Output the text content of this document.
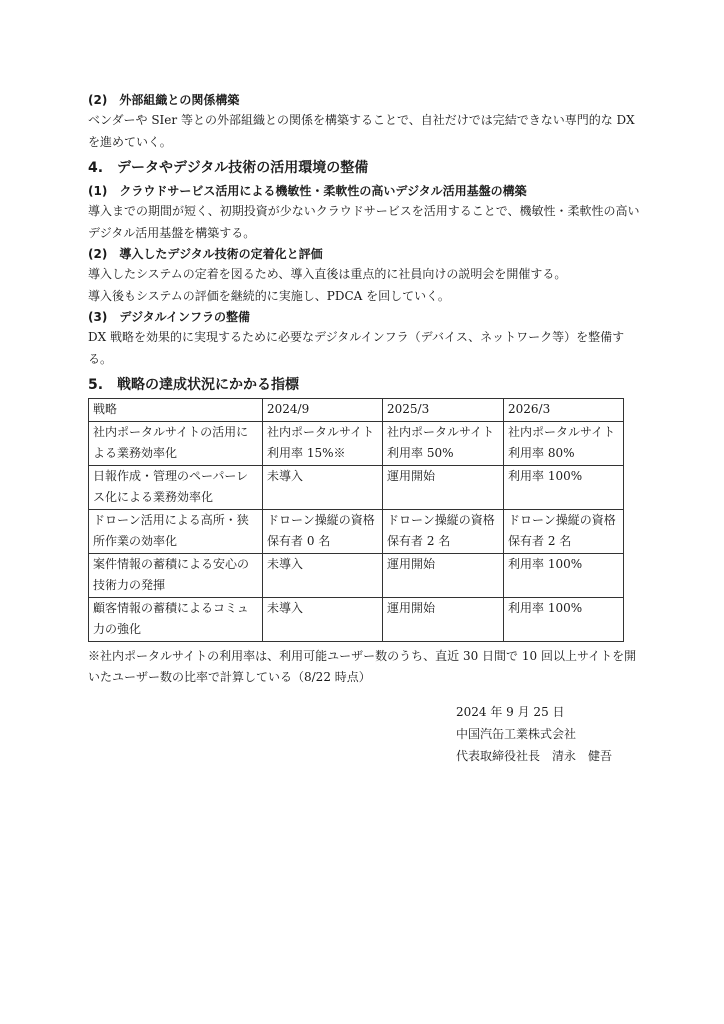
(2)　外部組織との関係構築

ベンダーや SIer 等との外部組織との関係を構築することで、自社だけでは完結できない専門的な DX を進めていく。

4.　データやデジタル技術の活用環境の整備

(1)　クラウドサービス活用による機敏性・柔軟性の高いデジタル活用基盤の構築

導入までの期間が短く、初期投資が少ないクラウドサービスを活用することで、機敏性・柔軟性の高いデジタル活用基盤を構築する。

(2)　導入したデジタル技術の定着化と評価

導入したシステムの定着を図るため、導入直後は重点的に社員向けの説明会を開催する。

導入後もシステムの評価を継続的に実施し、PDCA を回していく。

(3)　デジタルインフラの整備

DX 戦略を効果的に実現するために必要なデジタルインフラ（デバイス、ネットワーク等）を整備する。

5.　戦略の達成状況にかかる指標

戦略	2024/9	2025/3	2026/3
社内ポータルサイトの活用による業務効率化	社内ポータルサイト利用率 15%※	社内ポータルサイト利用率 50%	社内ポータルサイト利用率 80%
日報作成・管理のペーパーレス化による業務効率化	未導入	運用開始	利用率 100%
ドローン活用による高所・狭所作業の効率化	ドローン操縦の資格保有者 0 名	ドローン操縦の資格保有者 2 名	ドローン操縦の資格保有者 2 名
案件情報の蓄積による安心の技術力の発揮	未導入	運用開始	利用率 100%
顧客情報の蓄積によるコミュ力の強化	未導入	運用開始	利用率 100%

※社内ポータルサイトの利用率は、利用可能ユーザー数のうち、直近 30 日間で 10 回以上サイトを開いたユーザー数の比率で計算している（8/22 時点）

2024 年 9 月 25 日
中国汽缶工業株式会社
代表取締役社長　清永　健吾
